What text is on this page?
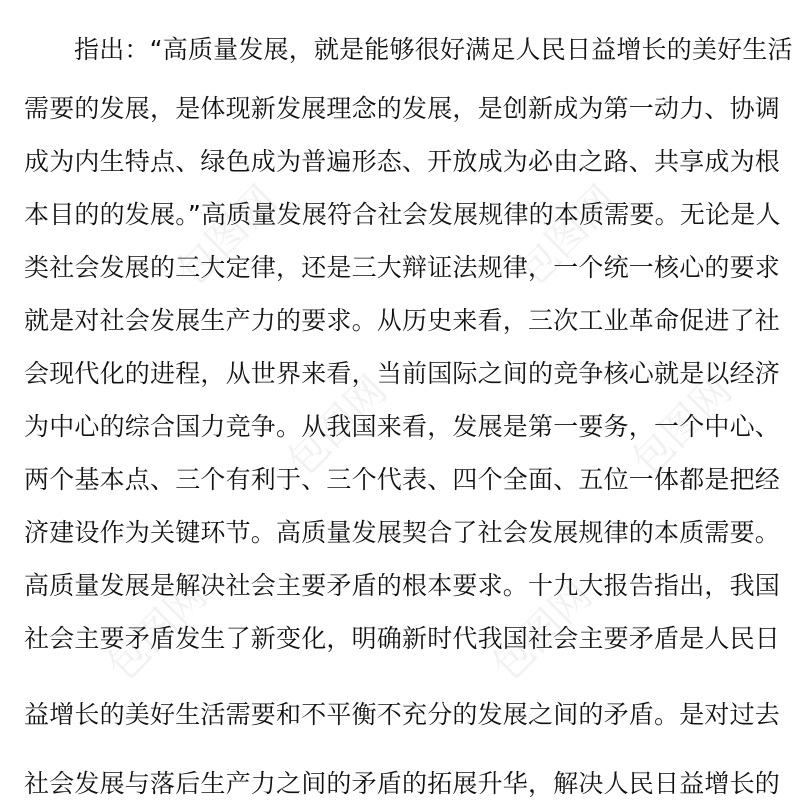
包图网	包图网
包图网	包图网
包图网	包图网
指出：“高质量发展，就是能够很好满足人民日益增长的美好生活
需要的发展，是体现新发展理念的发展，是创新成为第一动力、协调
成为内生特点、绿色成为普遍形态、开放成为必由之路、共享成为根
本目的的发展。”高质量发展符合社会发展规律的本质需要。无论是人
类社会发展的三大定律，还是三大辩证法规律，一个统一核心的要求
就是对社会发展生产力的要求。从历史来看，三次工业革命促进了社
会现代化的进程，从世界来看，当前国际之间的竞争核心就是以经济
为中心的综合国力竞争。从我国来看，发展是第一要务，一个中心、
两个基本点、三个有利于、三个代表、四个全面、五位一体都是把经
济建设作为关键环节。高质量发展契合了社会发展规律的本质需要。
高质量发展是解决社会主要矛盾的根本要求。十九大报告指出，我国
社会主要矛盾发生了新变化，明确新时代我国社会主要矛盾是人民日
益增长的美好生活需要和不平衡不充分的发展之间的矛盾。是对过去
社会发展与落后生产力之间的矛盾的拓展升华，解决人民日益增长的
